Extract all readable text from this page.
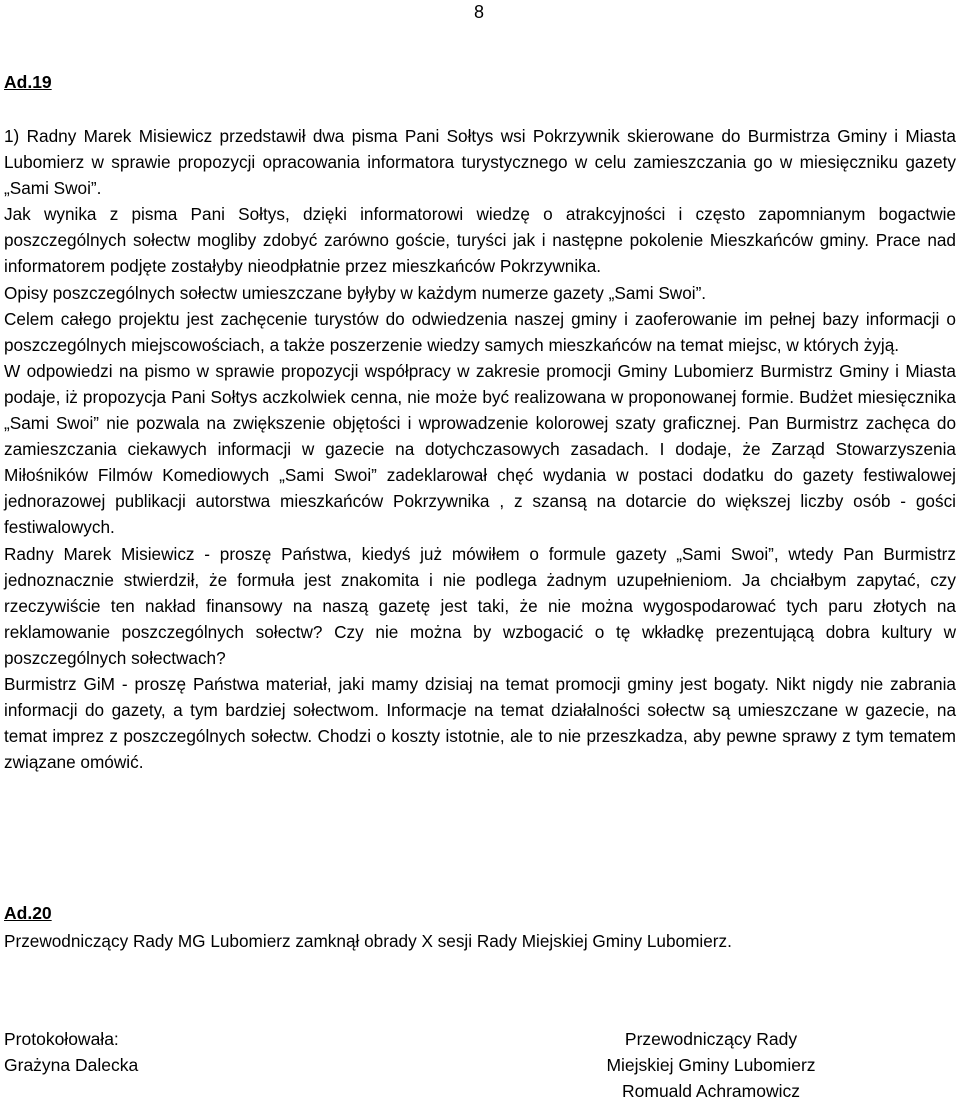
8
Ad.19

1) Radny Marek Misiewicz przedstawił dwa pisma Pani Sołtys wsi Pokrzywnik skierowane do Burmistrza Gminy i Miasta Lubomierz w sprawie propozycji opracowania informatora turystycznego w celu zamieszczania go w miesięczniku gazety „Sami Swoi”.

Jak wynika z pisma Pani Sołtys, dzięki informatorowi wiedzę o atrakcyjności i często zapomnianym bogactwie poszczególnych sołectw mogliby zdobyć zarówno goście, turyści jak i następne pokolenie Mieszkańców gminy. Prace nad informatorem podjęte zostałyby nieodpłatnie przez mieszkańców Pokrzywnika.

Opisy poszczególnych sołectw umieszczane byłyby w każdym numerze gazety „Sami Swoi”.

Celem całego projektu jest zachęcenie turystów do odwiedzenia naszej gminy i zaoferowanie im pełnej bazy informacji o poszczególnych miejscowościach, a także poszerzenie wiedzy samych mieszkańców na temat miejsc, w których żyją.

W odpowiedzi na pismo w sprawie propozycji współpracy w zakresie promocji Gminy Lubomierz Burmistrz Gminy i Miasta podaje, iż propozycja Pani Sołtys aczkolwiek cenna, nie może być realizowana w proponowanej formie. Budżet miesięcznika „Sami Swoi” nie pozwala na zwiększenie objętości i wprowadzenie kolorowej szaty graficznej. Pan Burmistrz zachęca do zamieszczania ciekawych informacji w gazecie na dotychczasowych zasadach. I dodaje, że Zarząd Stowarzyszenia Miłośników Filmów Komediowych „Sami Swoi” zadeklarował chęć wydania w postaci dodatku do gazety festiwalowej jednorazowej publikacji autorstwa mieszkańców Pokrzywnika , z szansą na dotarcie do większej liczby osób - gości festiwalowych.

Radny Marek Misiewicz - proszę Państwa, kiedyś już mówiłem o formule gazety „Sami Swoi”, wtedy Pan Burmistrz jednoznacznie stwierdził, że formuła jest znakomita i nie podlega żadnym uzupełnieniom. Ja chciałbym zapytać, czy rzeczywiście ten nakład finansowy na naszą gazetę jest taki, że nie można wygospodarować tych paru złotych na reklamowanie poszczególnych sołectw? Czy nie można by wzbogacić o tę wkładkę prezentującą dobra kultury w poszczególnych sołectwach?

Burmistrz GiM - proszę Państwa materiał, jaki mamy dzisiaj na temat promocji gminy jest bogaty. Nikt nigdy nie zabrania informacji do gazety, a tym bardziej sołectwom. Informacje na temat działalności sołectw są umieszczane w gazecie, na temat imprez z poszczególnych sołectw. Chodzi o koszty istotnie, ale to nie przeszkadza, aby pewne sprawy z tym tematem związane omówić.

Ad.20

Przewodniczący Rady MG Lubomierz zamknął obrady X sesji Rady Miejskiej Gminy Lubomierz.

Protokołowała:
Grażyna Dalecka
Przewodniczący Rady
Miejskiej Gminy Lubomierz
Romuald Achramowicz
